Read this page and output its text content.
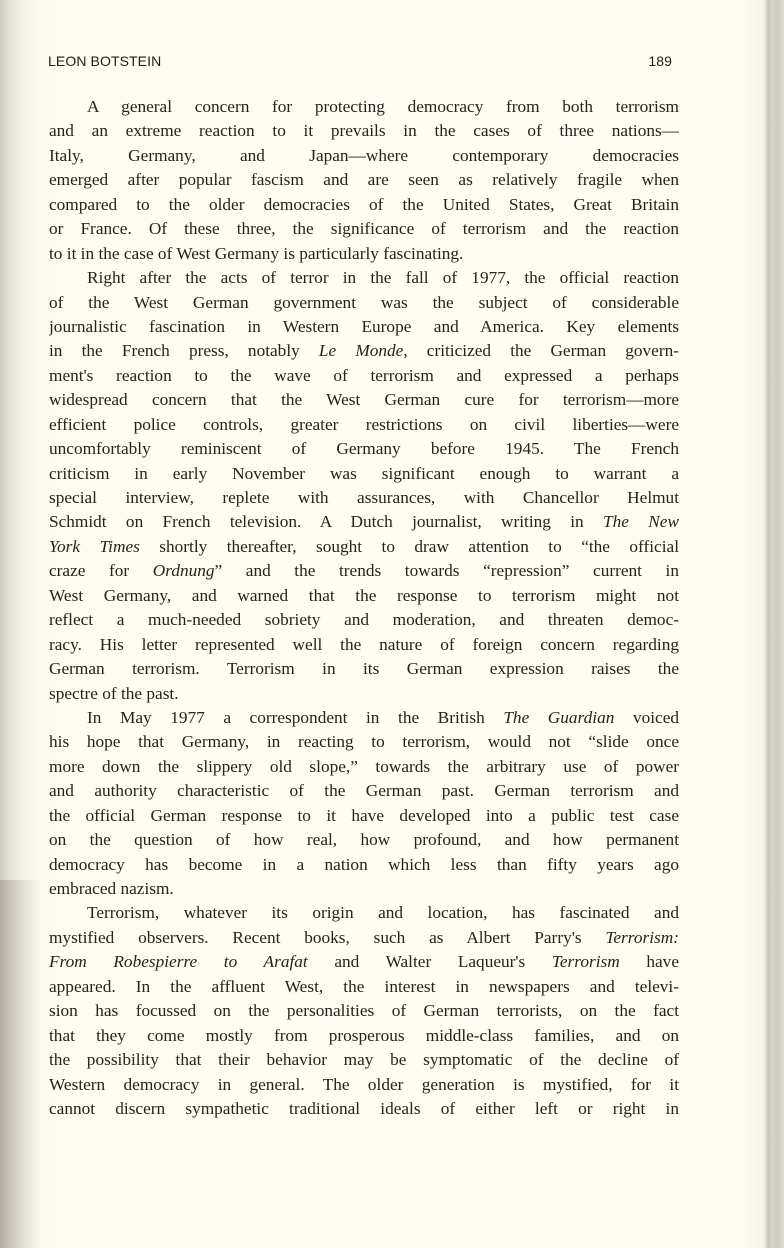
LEON BOTSTEIN	189
A general concern for protecting democracy from both terrorism
and an extreme reaction to it prevails in the cases of three nations—
Italy, Germany, and Japan—where contemporary democracies
emerged after popular fascism and are seen as relatively fragile when
compared to the older democracies of the United States, Great Britain
or France. Of these three, the significance of terrorism and the reaction
to it in the case of West Germany is particularly fascinating.
Right after the acts of terror in the fall of 1977, the official reaction
of the West German government was the subject of considerable
journalistic fascination in Western Europe and America. Key elements
in the French press, notably Le Monde, criticized the German govern-
ment's reaction to the wave of terrorism and expressed a perhaps
widespread concern that the West German cure for terrorism—more
efficient police controls, greater restrictions on civil liberties—were
uncomfortably reminiscent of Germany before 1945. The French
criticism in early November was significant enough to warrant a
special interview, replete with assurances, with Chancellor Helmut
Schmidt on French television. A Dutch journalist, writing in The New
York Times shortly thereafter, sought to draw attention to “the official
craze for Ordnung” and the trends towards “repression” current in
West Germany, and warned that the response to terrorism might not
reflect a much-needed sobriety and moderation, and threaten democ-
racy. His letter represented well the nature of foreign concern regarding
German terrorism. Terrorism in its German expression raises the
spectre of the past.
In May 1977 a correspondent in the British The Guardian voiced
his hope that Germany, in reacting to terrorism, would not “slide once
more down the slippery old slope,” towards the arbitrary use of power
and authority characteristic of the German past. German terrorism and
the official German response to it have developed into a public test case
on the question of how real, how profound, and how permanent
democracy has become in a nation which less than fifty years ago
embraced nazism.
Terrorism, whatever its origin and location, has fascinated and
mystified observers. Recent books, such as Albert Parry's Terrorism:
From Robespierre to Arafat and Walter Laqueur's Terrorism have
appeared. In the affluent West, the interest in newspapers and televi-
sion has focussed on the personalities of German terrorists, on the fact
that they come mostly from prosperous middle-class families, and on
the possibility that their behavior may be symptomatic of the decline of
Western democracy in general. The older generation is mystified, for it
cannot discern sympathetic traditional ideals of either left or right in
